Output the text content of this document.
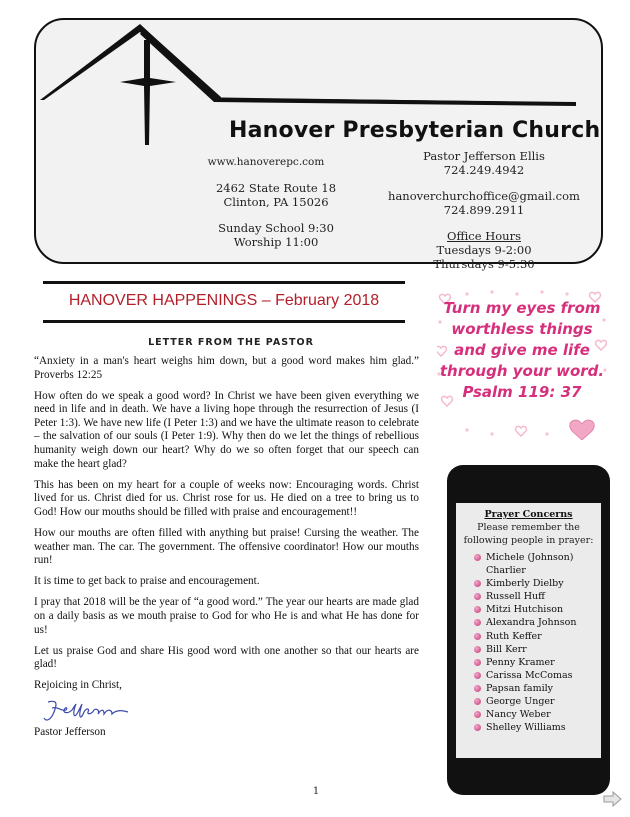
Hanover Presbyterian Church
www.hanoverepc.com
2462 State Route 18
Clinton, PA 15026
Sunday School 9:30
Worship 11:00
Pastor Jefferson Ellis
724.249.4942
hanoverchurchoffice@gmail.com
724.899.2911
Office Hours
Tuesdays 9-2:00
Thursdays 9-5:30
HANOVER HAPPENINGS – February 2018
LETTER FROM THE PASTOR

“Anxiety in a man's heart weighs him down, but a good word makes him glad.” Proverbs 12:25

How often do we speak a good word? In Christ we have been given everything we need in life and in death. We have a living hope through the resurrection of Jesus (I Peter 1:3). We have new life (I Peter 1:3) and we have the ultimate reason to celebrate – the salvation of our souls (I Peter 1:9). Why then do we let the things of rebellious humanity weigh down our heart? Why do we so often forget that our speech can make the heart glad?

This has been on my heart for a couple of weeks now: Encouraging words. Christ lived for us. Christ died for us. Christ rose for us. He died on a tree to bring us to God! How our mouths should be filled with praise and encouragement!!

How our mouths are often filled with anything but praise! Cursing the weather. The weather man. The car. The government. The offensive coordinator! How our mouths run!

It is time to get back to praise and encouragement.

I pray that 2018 will be the year of “a good word.” The year our hearts are made glad on a daily basis as we mouth praise to God for who He is and what He has done for us!

Let us praise God and share His good word with one another so that our hearts are glad!

Rejoicing in Christ,
Pastor Jefferson
Turn my eyes from worthless things and give me life through your word. Psalm 119: 37
Prayer Concerns
Please remember the following people in prayer:
Michele (Johnson) Charlier
Kimberly Dielby
Russell Huff
Mitzi Hutchison
Alexandra Johnson
Ruth Keffer
Bill Kerr
Penny Kramer
Carissa McComas
Papsan family
George Unger
Nancy Weber
Shelley Williams
1
